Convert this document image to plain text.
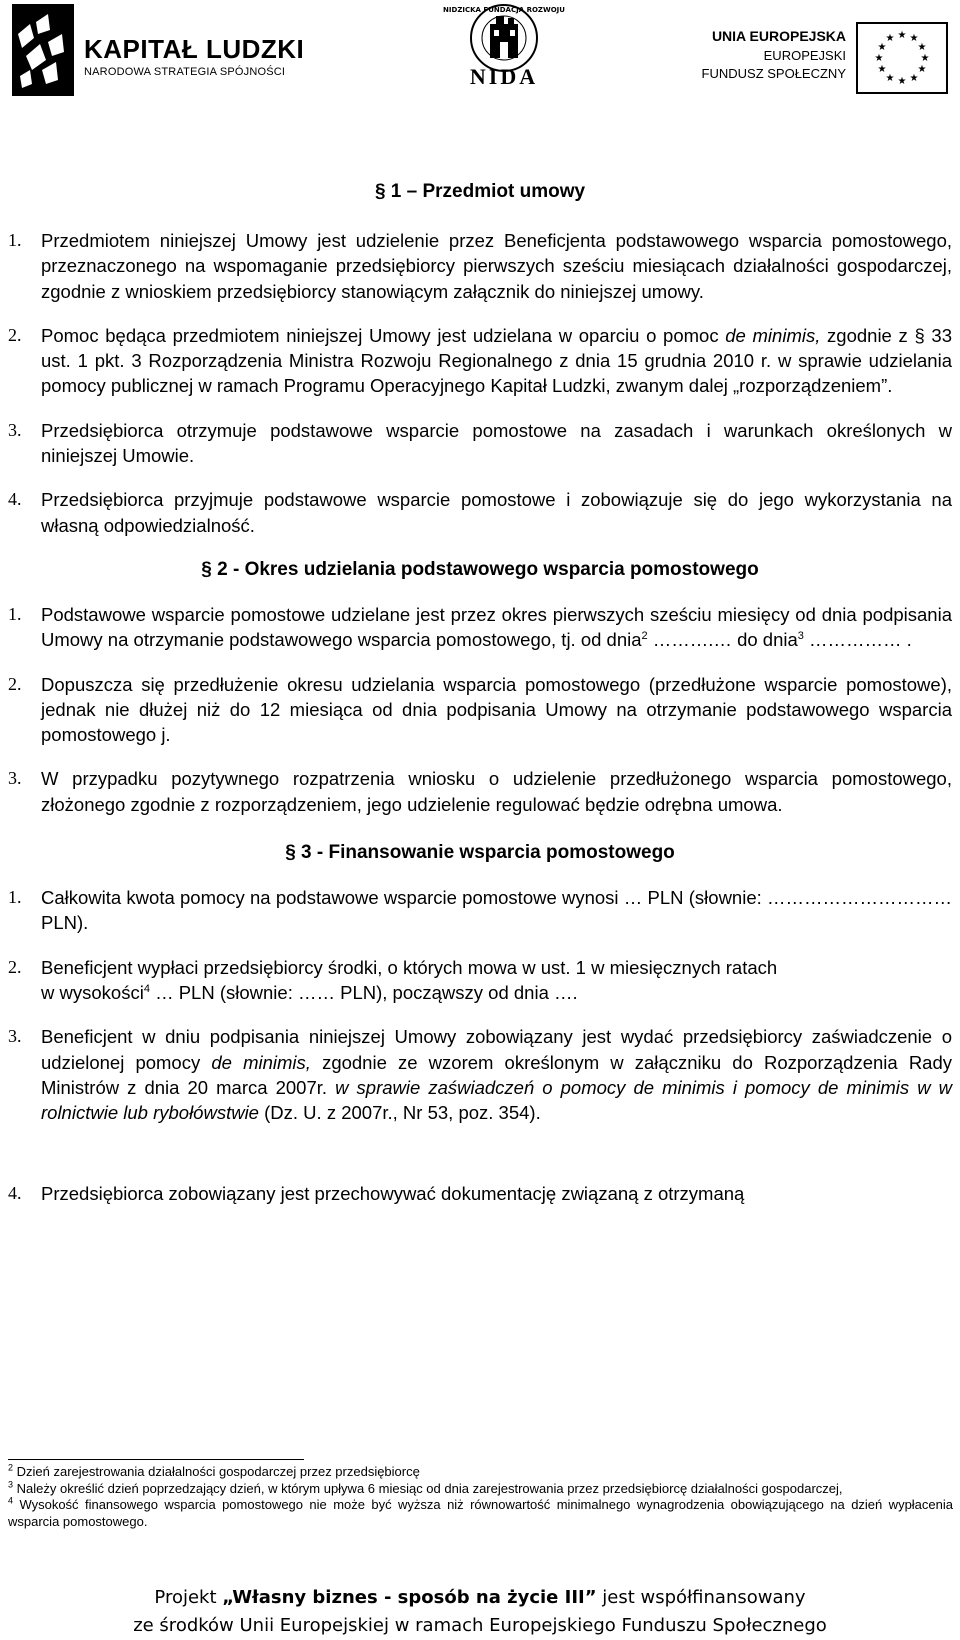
KAPITAŁ LUDZKI
NARODOWA STRATEGIA SPÓJNOŚCI
NIDZICKA FUNDACJA ROZWOJU
NIDA
UNIA EUROPEJSKA
EUROPEJSKI
FUNDUSZ SPOŁECZNY
★ ★
★
★
★
★
★
★
★
★
★
★
§ 1 – Przedmiot umowy
1. Przedmiotem niniejszej Umowy jest udzielenie przez Beneficjenta podstawowego wsparcia pomostowego, przeznaczonego na wspomaganie przedsiębiorcy pierwszych sześciu miesiącach działalności gospodarczej, zgodnie z wnioskiem przedsiębiorcy stanowiącym załącznik do niniejszej umowy.
2. Pomoc będąca przedmiotem niniejszej Umowy jest udzielana w oparciu o pomoc de minimis, zgodnie z § 33 ust. 1 pkt. 3 Rozporządzenia Ministra Rozwoju Regionalnego z dnia 15 grudnia 2010 r. w sprawie udzielania pomocy publicznej w ramach Programu Operacyjnego Kapitał Ludzki, zwanym dalej „rozporządzeniem”.
3. Przedsiębiorca otrzymuje podstawowe wsparcie pomostowe na zasadach i warunkach określonych w niniejszej Umowie.
4. Przedsiębiorca przyjmuje podstawowe wsparcie pomostowe i zobowiązuje się do jego wykorzystania na własną odpowiedzialność.
§ 2 - Okres udzielania podstawowego wsparcia pomostowego
1. Podstawowe wsparcie pomostowe udzielane jest przez okres pierwszych sześciu miesięcy od dnia podpisania Umowy na otrzymanie podstawowego wsparcia pomostowego, tj. od dnia$^2$ ……….… do dnia$^3$ …………… .
2. Dopuszcza się przedłużenie okresu udzielania wsparcia pomostowego (przedłużone wsparcie pomostowe), jednak nie dłużej niż do 12 miesiąca od dnia podpisania Umowy na otrzymanie podstawowego wsparcia pomostowego j.
3. W przypadku pozytywnego rozpatrzenia wniosku o udzielenie przedłużonego wsparcia pomostowego, złożonego zgodnie z rozporządzeniem, jego udzielenie regulować będzie odrębna umowa.
§ 3 - Finansowanie wsparcia pomostowego
1. Całkowita kwota pomocy na podstawowe wsparcie pomostowe wynosi … PLN (słownie: ………………………… PLN).
2. Beneficjent wypłaci przedsiębiorcy środki, o których mowa w ust. 1 w miesięcznych ratach
w wysokości$^4$ … PLN (słownie: …… PLN), począwszy od dnia ….
3. Beneficjent w dniu podpisania niniejszej Umowy zobowiązany jest wydać przedsiębiorcy zaświadczenie o udzielonej pomocy de minimis, zgodnie ze wzorem określonym w załączniku do Rozporządzenia Rady Ministrów z dnia 20 marca 2007r. w sprawie zaświadczeń o pomocy de minimis i pomocy de minimis w w rolnictwie lub rybołówstwie (Dz. U. z 2007r., Nr 53, poz. 354).
4. Przedsiębiorca zobowiązany jest przechowywać dokumentację związaną z otrzymaną
$^2$ Dzień zarejestrowania działalności gospodarczej przez przedsiębiorcę
$^3$ Należy określić dzień poprzedzający dzień, w którym upływa 6 miesiąc od dnia zarejestrowania przez przedsiębiorcę działalności gospodarczej,
$^4$ Wysokość finansowego wsparcia pomostowego nie może być wyższa niż równowartość minimalnego wynagrodzenia obowiązującego na dzień wypłacenia wsparcia pomostowego.
Projekt „Własny biznes - sposób na życie III” jest współfinansowany
ze środków Unii Europejskiej w ramach Europejskiego Funduszu Społecznego
